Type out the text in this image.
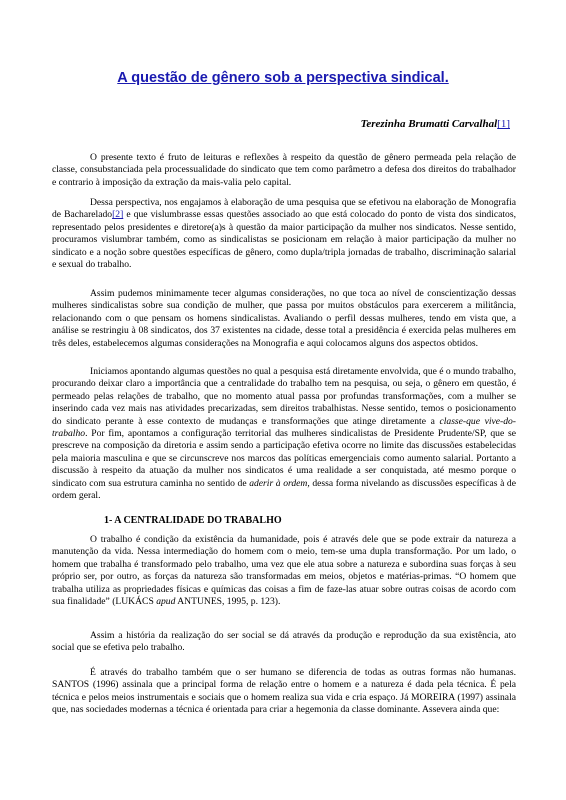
A questão de gênero sob a perspectiva sindical.
Terezinha Brumatti Carvalhal[1]

O presente texto é fruto de leituras e reflexões à respeito da questão de gênero permeada pela relação de classe, consubstanciada pela processualidade do sindicato que tem como parâmetro a defesa dos direitos do trabalhador e contrario à imposição da extração da mais-valia pelo capital.

Dessa perspectiva, nos engajamos à elaboração de uma pesquisa que se efetivou na elaboração de Monografia de Bacharelado[2] e que vislumbrasse essas questões associado ao que está colocado do ponto de vista dos sindicatos, representado pelos presidentes e diretore(a)s à questão da maior participação da mulher nos sindicatos. Nesse sentido, procuramos vislumbrar também, como as sindicalistas se posicionam em relação à maior participação da mulher no sindicato e a noção sobre questões específicas de gênero, como dupla/tripla jornadas de trabalho, discriminação salarial e sexual do trabalho.

Assim pudemos minimamente tecer algumas considerações, no que toca ao nível de conscientização dessas mulheres sindicalistas sobre sua condição de mulher, que passa por muitos obstáculos para exercerem a militância, relacionando com o que pensam os homens sindicalistas. Avaliando o perfil dessas mulheres, tendo em vista que, a análise se restringiu à 08 sindicatos, dos 37 existentes na cidade, desse total a presidência é exercida pelas mulheres em três deles, estabelecemos algumas considerações na Monografia e aqui colocamos alguns dos aspectos obtidos.

Iniciamos apontando algumas questões no qual a pesquisa está diretamente envolvida, que é o mundo trabalho, procurando deixar claro a importância que a centralidade do trabalho tem na pesquisa, ou seja, o gênero em questão, é permeado pelas relações de trabalho, que no momento atual passa por profundas transformações, com a mulher se inserindo cada vez mais nas atividades precarizadas, sem direitos trabalhistas. Nesse sentido, temos o posicionamento do sindicato perante à esse contexto de mudanças e transformações que atinge diretamente a classe-que vive-do-trabalho. Por fim, apontamos a configuração territorial das mulheres sindicalistas de Presidente Prudente/SP, que se prescreve na composição da diretoria e assim sendo a participação efetiva ocorre no limite das discussões estabelecidas pela maioria masculina e que se circunscreve nos marcos das políticas emergenciais como aumento salarial. Portanto a discussão à respeito da atuação da mulher nos sindicatos é uma realidade a ser conquistada, até mesmo porque o sindicato com sua estrutura caminha no sentido de aderir à ordem, dessa forma nivelando as discussões específicas à de ordem geral.

1- A CENTRALIDADE DO TRABALHO

O trabalho é condição da existência da humanidade, pois é através dele que se pode extrair da natureza a manutenção da vida. Nessa intermediação do homem com o meio, tem-se uma dupla transformação. Por um lado, o homem que trabalha é transformado pelo trabalho, uma vez que ele atua sobre a natureza e subordina suas forças à seu próprio ser, por outro, as forças da natureza são transformadas em meios, objetos e matérias-primas. “O homem que trabalha utiliza as propriedades físicas e químicas das coisas a fim de faze-las atuar sobre outras coisas de acordo com sua finalidade” (LUKÁCS apud ANTUNES, 1995, p. 123).

Assim a história da realização do ser social se dá através da produção e reprodução da sua existência, ato social que se efetiva pelo trabalho.

É através do trabalho também que o ser humano se diferencia de todas as outras formas não humanas. SANTOS (1996) assinala que a principal forma de relação entre o homem e a natureza é dada pela técnica. É pela técnica e pelos meios instrumentais e sociais que o homem realiza sua vida e cria espaço. Já MOREIRA (1997) assinala que, nas sociedades modernas a técnica é orientada para criar a hegemonia da classe dominante. Assevera ainda que:
